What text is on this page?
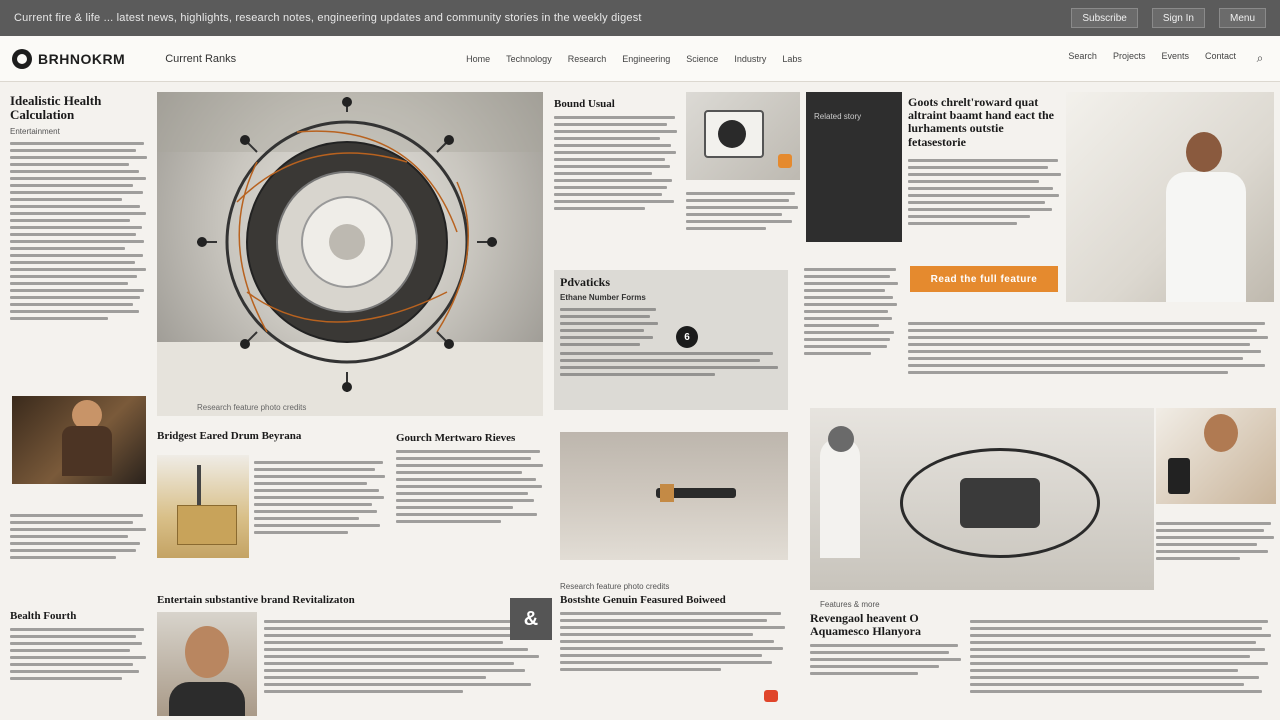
Current fire & life ... latest news, highlights, research notes, engineering updates and community stories in the weekly digest	Subscribe	Sign In	Menu
BRHNOKRM	Current Ranks	Home Technology Research Engineering Science Industry Labs	Search Projects Events Contact	⌕
Idealistic Health Calculation
Entertainment
Bealth Fourth
Research feature photo credits
Bridgest Eared Drum Beyrana	Gourch Mertwaro Rieves
Bound Usual
Pdvaticks
Ethane Number Forms
6
Research feature photo credits
Related story
Goots chrelt'roward quat altraint baamt hand eact the lurhaments outstie fetasestorie
Read the full feature
Entertain substantive brand Revitalizaton
&
Bostshte Genuin Feasured Boiweed	Features & more
Revengaol heavent O Aquamesco Hlanyora
